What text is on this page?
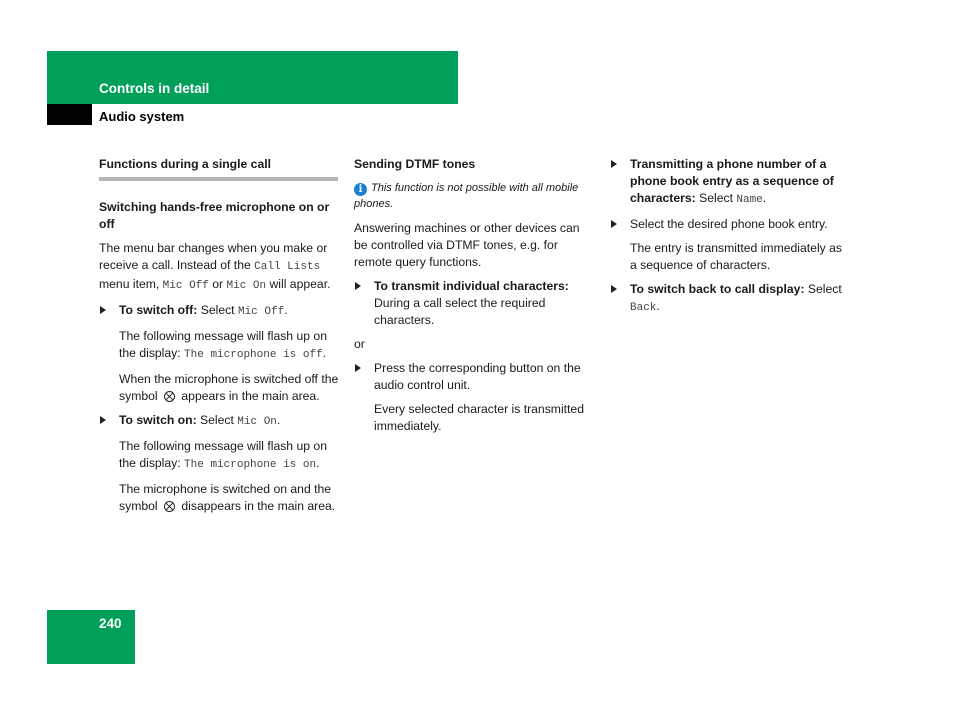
Controls in detail
Audio system

Functions during a single call

Switching hands-free microphone on or off

The menu bar changes when you make or receive a call. Instead of the Call Lists menu item, Mic Off or Mic On will appear.

To switch off: Select Mic Off.

The following message will flash up on the display: The microphone is off.

When the microphone is switched off the symbol appears in the main area.

To switch on: Select Mic On.

The following message will flash up on the display: The microphone is on.

The microphone is switched on and the symbol disappears in the main area.

Sending DTMF tones

i This function is not possible with all mobile phones.

Answering machines or other devices can be controlled via DTMF tones, e.g. for remote query functions.

To transmit individual characters: During a call select the required characters.

or

Press the corresponding button on the audio control unit.

Every selected character is transmitted immediately.

Transmitting a phone number of a phone book entry as a sequence of characters: Select Name.
Select the desired phone book entry.

The entry is transmitted immediately as a sequence of characters.

To switch back to call display: Select Back.
240
